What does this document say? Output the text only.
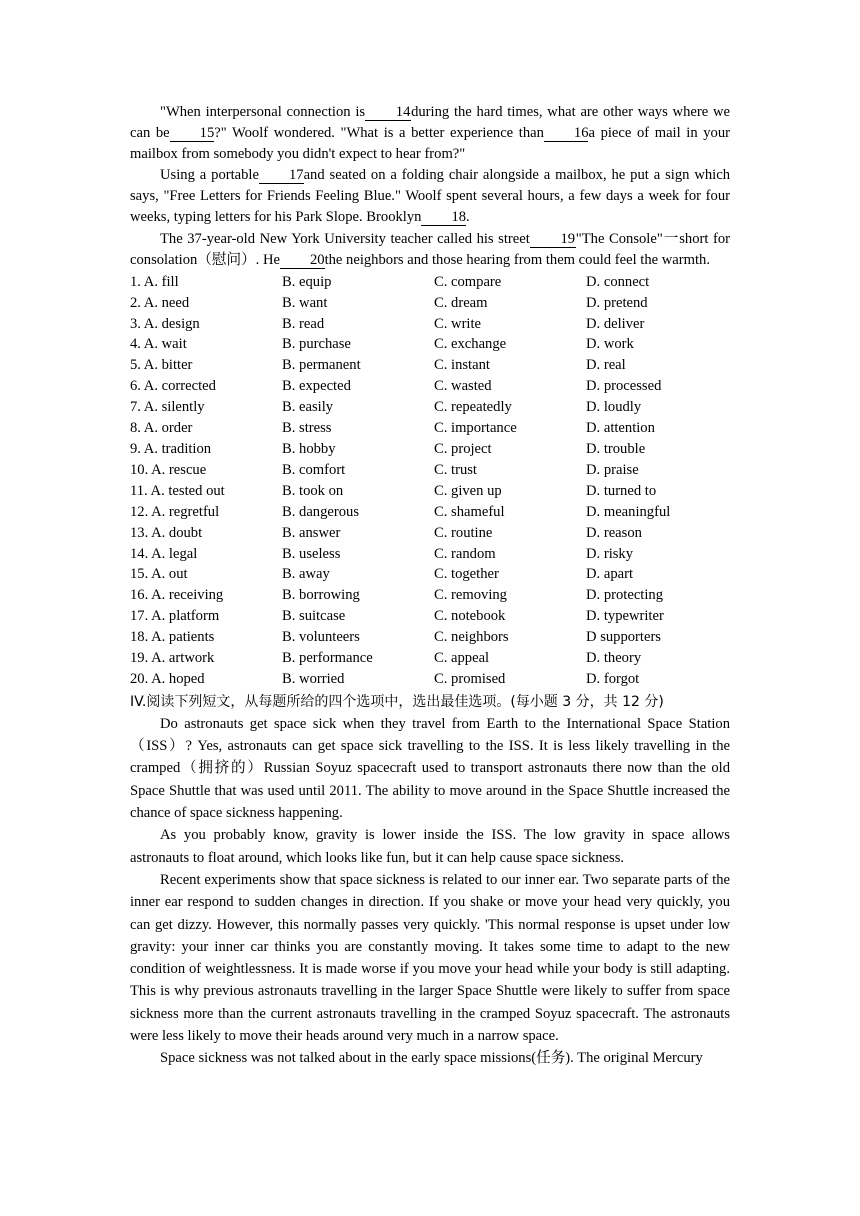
"When interpersonal connection is 14during the hard times, what are other ways where we can be 15?" Woolf wondered. "What is a better experience than 16a piece of mail in your mailbox from somebody you didn't expect to hear from?"

Using a portable 17and seated on a folding chair alongside a mailbox, he put a sign which says, "Free Letters for Friends Feeling Blue." Woolf spent several hours, a few days a week for four weeks, typing letters for his Park Slope. Brooklyn 18.

The 37-year-old New York University teacher called his street 19"The Console"一short for consolation（慰问）. He 20the neighbors and those hearing from them could feel the warmth.

1. A. fill	B. equip	C. compare	D. connect
2. A. need	B. want	C. dream	D. pretend
3. A. design	B. read	C. write	D. deliver
4. A. wait	B. purchase	C. exchange	D. work
5. A. bitter	B. permanent	C. instant	D. real
6. A. corrected	B. expected	C. wasted	D. processed
7. A. silently	B. easily	C. repeatedly	D. loudly
8. A. order	B. stress	C. importance	D. attention
9. A. tradition	B. hobby	C. project	D. trouble
10. A. rescue	B. comfort	C. trust	D. praise
11. A. tested out	B. took on	C. given up	D. turned to
12. A. regretful	B. dangerous	C. shameful	D. meaningful
13. A. doubt	B. answer	C. routine	D. reason
14. A. legal	B. useless	C. random	D. risky
15. A. out	B. away	C. together	D. apart
16. A. receiving	B. borrowing	C. removing	D. protecting
17. A. platform	B. suitcase	C. notebook	D. typewriter
18. A. patients	B. volunteers	C. neighbors	D supporters
19. A. artwork	B. performance	C. appeal	D. theory
20. A. hoped	B. worried	C. promised	D. forgot
IV.阅读下列短文，从每题所给的四个选项中，选出最佳选项。(每小题 3 分，共 12 分)

Do astronauts get space sick when they travel from Earth to the International Space Station（ISS）? Yes, astronauts can get space sick travelling to the ISS. It is less likely travelling in the cramped（拥挤的）Russian Soyuz spacecraft used to transport astronauts there now than the old Space Shuttle that was used until 2011. The ability to move around in the Space Shuttle increased the chance of space sickness happening.

As you probably know, gravity is lower inside the ISS. The low gravity in space allows astronauts to float around, which looks like fun, but it can help cause space sickness.

Recent experiments show that space sickness is related to our inner ear. Two separate parts of the inner ear respond to sudden changes in direction. If you shake or move your head very quickly, you can get dizzy. However, this normally passes very quickly. 'This normal response is upset under low gravity: your inner car thinks you are constantly moving. It takes some time to adapt to the new condition of weightlessness. It is made worse if you move your head while your body is still adapting. This is why previous astronauts travelling in the larger Space Shuttle were likely to suffer from space sickness more than the current astronauts travelling in the cramped Soyuz spacecraft. The astronauts were less likely to move their heads around very much in a narrow space.

Space sickness was not talked about in the early space missions(任务). The original Mercury
